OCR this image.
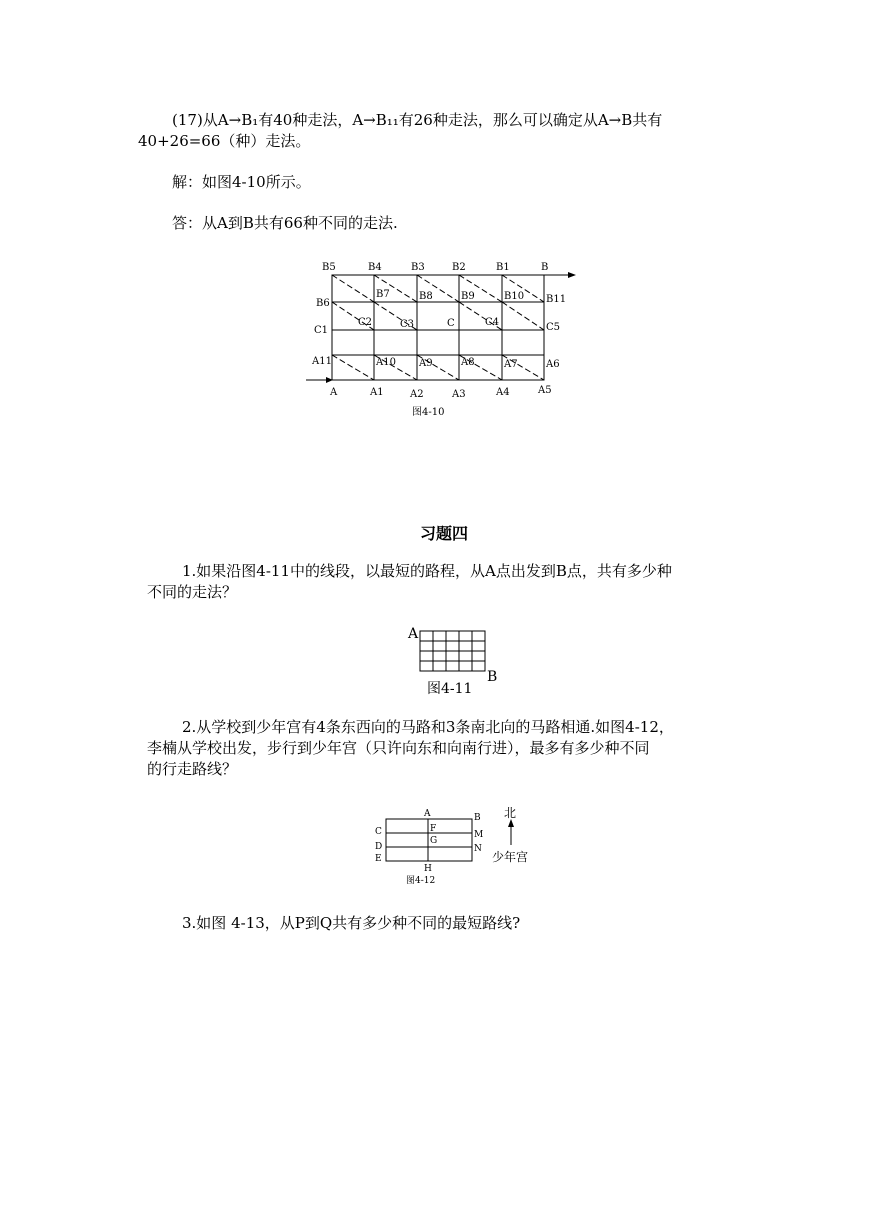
(17)从A→B₁有40种走法，A→B₁₁有26种走法，那么可以确定从A→B共有
40+26=66（种）走法。
解：如图4-10所示。
答：从A到B共有66种不同的走法.
B5	B4	B3	B2	B1	B
B6
C1
A11
B11
C5
A6
A	A1	A2	A3	A4	A5
B7	B8	B9	B10
C2	C3	C	C4
A10 A9	A8	A7
图4-10
习题四
1.如果沿图4-11中的线段，以最短的路程，从A点出发到B点，共有多少种
不同的走法？
A
B
图4-11
2.从学校到少年宫有4条东西向的马路和3条南北向的马路相通.如图4-12，
李楠从学校出发，步行到少年宫（只许向东和向南行进），最多有多少种不同
的行走路线？
A	B
C
D
E
F
G
H
M
N
图4-12
北
少年宫
3.如图 4-13，从P到Q共有多少种不同的最短路线?
